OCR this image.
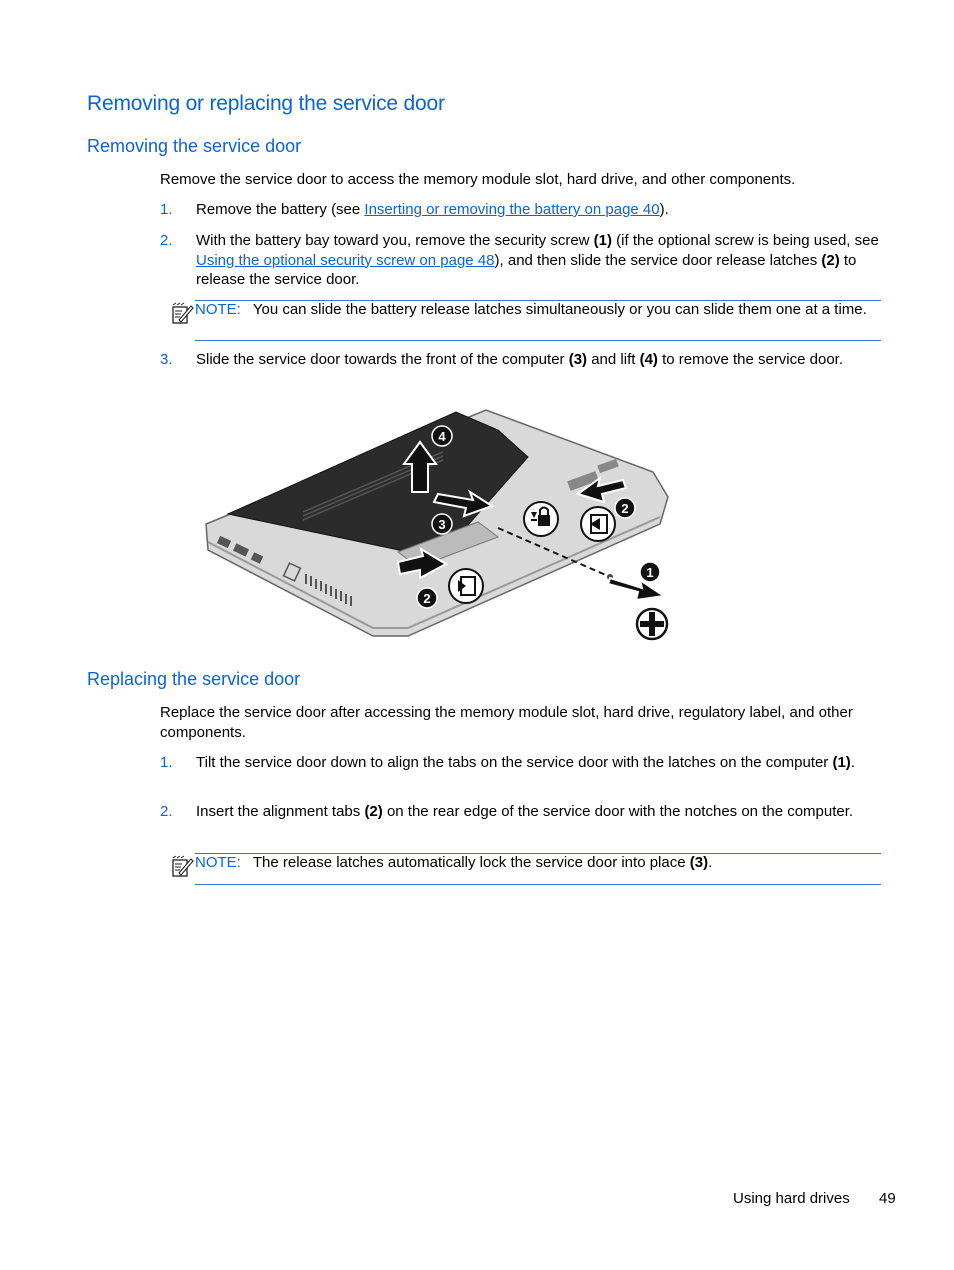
Removing or replacing the service door
Removing the service door
Remove the service door to access the memory module slot, hard drive, and other components.
1. Remove the battery (see Inserting or removing the battery on page 40).
2. With the battery bay toward you, remove the security screw (1) (if the optional screw is being used, see Using the optional security screw on page 48), and then slide the service door release latches (2) to release the service door.
NOTE: You can slide the battery release latches simultaneously or you can slide them one at a time.
3. Slide the service door towards the front of the computer (3) and lift (4) to remove the service door.
4
3
2
2
1
Replacing the service door
Replace the service door after accessing the memory module slot, hard drive, regulatory label, and other components.
1. Tilt the service door down to align the tabs on the service door with the latches on the computer (1).
2. Insert the alignment tabs (2) on the rear edge of the service door with the notches on the computer.
NOTE: The release latches automatically lock the service door into place (3).
Using hard drives 49
